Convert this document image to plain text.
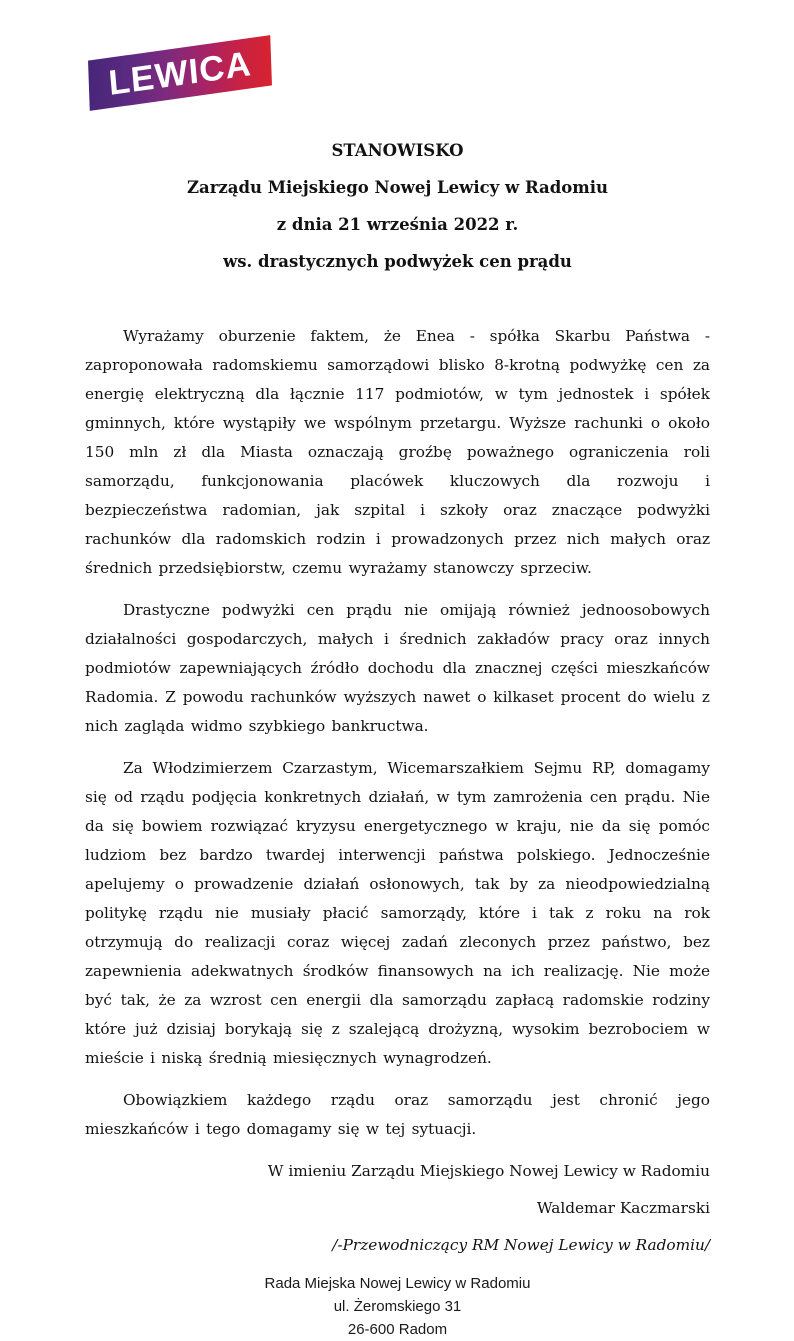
LEWICA

STANOWISKO

Zarządu Miejskiego Nowej Lewicy w Radomiu

z dnia 21 września 2022 r.

ws. drastycznych podwyżek cen prądu

Wyrażamy oburzenie faktem, że Enea - spółka Skarbu Państwa - zaproponowała radomskiemu samorządowi blisko 8-krotną podwyżkę cen za energię elektryczną dla łącznie 117 podmiotów, w tym jednostek i spółek gminnych, które wystąpiły we wspólnym przetargu. Wyższe rachunki o około 150 mln zł dla Miasta oznaczają groźbę poważnego ograniczenia roli samorządu, funkcjonowania placówek kluczowych dla rozwoju i bezpieczeństwa radomian, jak szpital i szkoły oraz znaczące podwyżki rachunków dla radomskich rodzin i prowadzonych przez nich małych oraz średnich przedsiębiorstw, czemu wyrażamy stanowczy sprzeciw.

Drastyczne podwyżki cen prądu nie omijają również jednoosobowych działalności gospodarczych, małych i średnich zakładów pracy oraz innych podmiotów zapewniających źródło dochodu dla znacznej części mieszkańców Radomia. Z powodu rachunków wyższych nawet o kilkaset procent do wielu z nich zagląda widmo szybkiego bankructwa.

Za Włodzimierzem Czarzastym, Wicemarszałkiem Sejmu RP, domagamy się od rządu podjęcia konkretnych działań, w tym zamrożenia cen prądu. Nie da się bowiem rozwiązać kryzysu energetycznego w kraju, nie da się pomóc ludziom bez bardzo twardej interwencji państwa polskiego. Jednocześnie apelujemy o prowadzenie działań osłonowych, tak by za nieodpowiedzialną politykę rządu nie musiały płacić samorządy, które i tak z roku na rok otrzymują do realizacji coraz więcej zadań zleconych przez państwo, bez zapewnienia adekwatnych środków finansowych na ich realizację. Nie może być tak, że za wzrost cen energii dla samorządu zapłacą radomskie rodziny które już dzisiaj borykają się z szalejącą drożyzną, wysokim bezrobociem w mieście i niską średnią miesięcznych wynagrodzeń.

Obowiązkiem każdego rządu oraz samorządu jest chronić jego mieszkańców i tego domagamy się w tej sytuacji.

W imieniu Zarządu Miejskiego Nowej Lewicy w Radomiu

Waldemar Kaczmarski

/-Przewodniczący RM Nowej Lewicy w Radomiu/

Rada Miejska Nowej Lewicy w Radomiu

ul. Żeromskiego 31

26-600 Radom
